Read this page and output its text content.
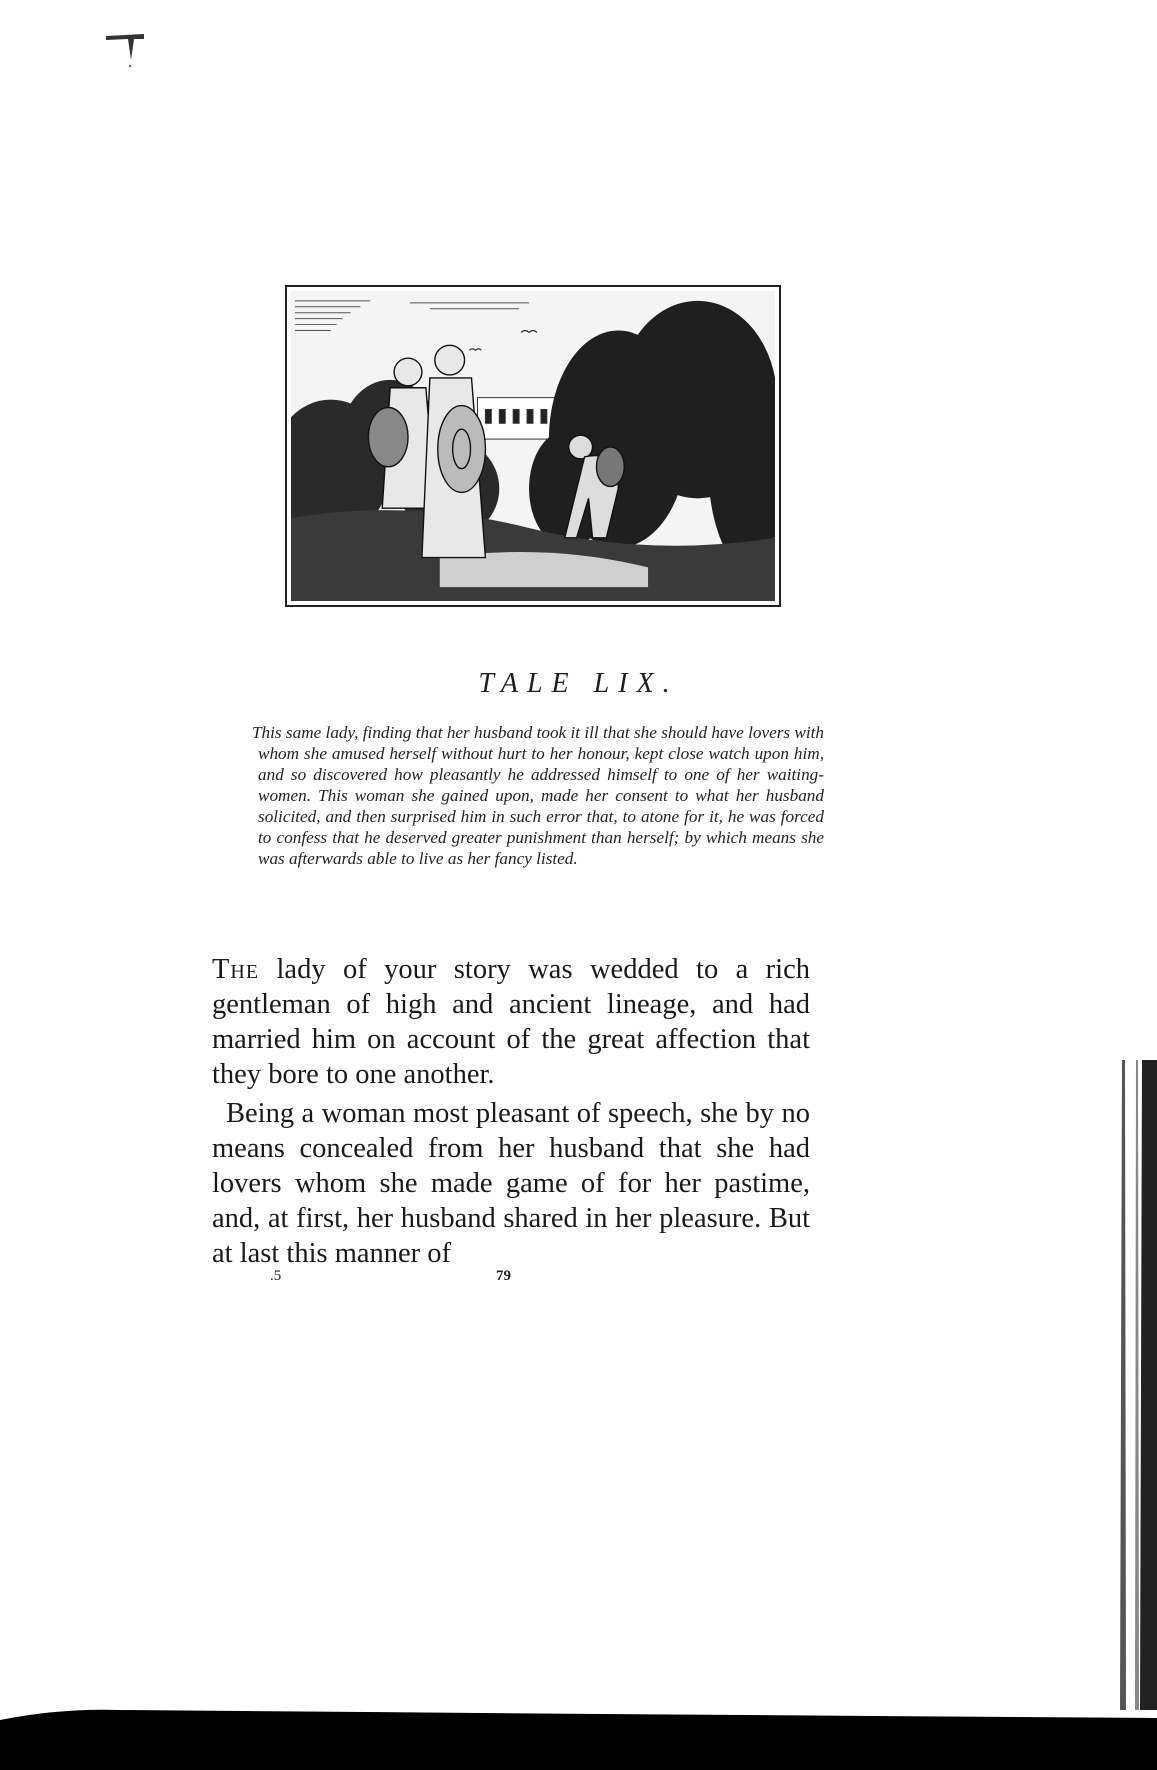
TALE LIX.
This same lady, finding that her husband took it ill that she should have lovers with whom she amused herself without hurt to her honour, kept close watch upon him, and so discovered how pleasantly he addressed himself to one of her waiting-women. This woman she gained upon, made her consent to what her husband solicited, and then surprised him in such error that, to atone for it, he was forced to confess that he deserved greater punishment than herself; by which means she was afterwards able to live as her fancy listed.

The lady of your story was wedded to a rich gentleman of high and ancient lineage, and had married him on account of the great affection that they bore to one another.

Being a woman most pleasant of speech, she by no means concealed from her husband that she had lovers whom she made game of for her pastime, and, at first, her husband shared in her pleasure. But at last this manner of

.5	79
